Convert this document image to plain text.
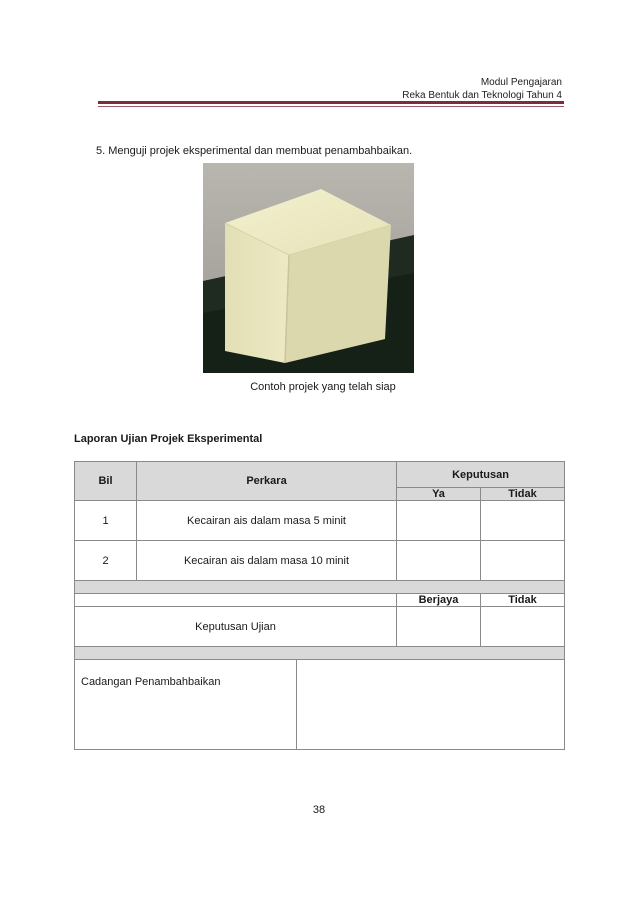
Modul Pengajaran
Reka Bentuk dan Teknologi Tahun 4
5. Menguji projek eksperimental dan membuat penambahbaikan.
Contoh projek yang telah siap
Laporan Ujian Projek Eksperimental
Bil	Perkara		Keputusan	
			Ya	Tidak
1	Kecairan ais dalam masa 5 minit			
2	Kecairan ais dalam masa 10 minit			

			Berjaya	Tidak
Keputusan Ujian				

Cadangan Penambahbaikan				
38
